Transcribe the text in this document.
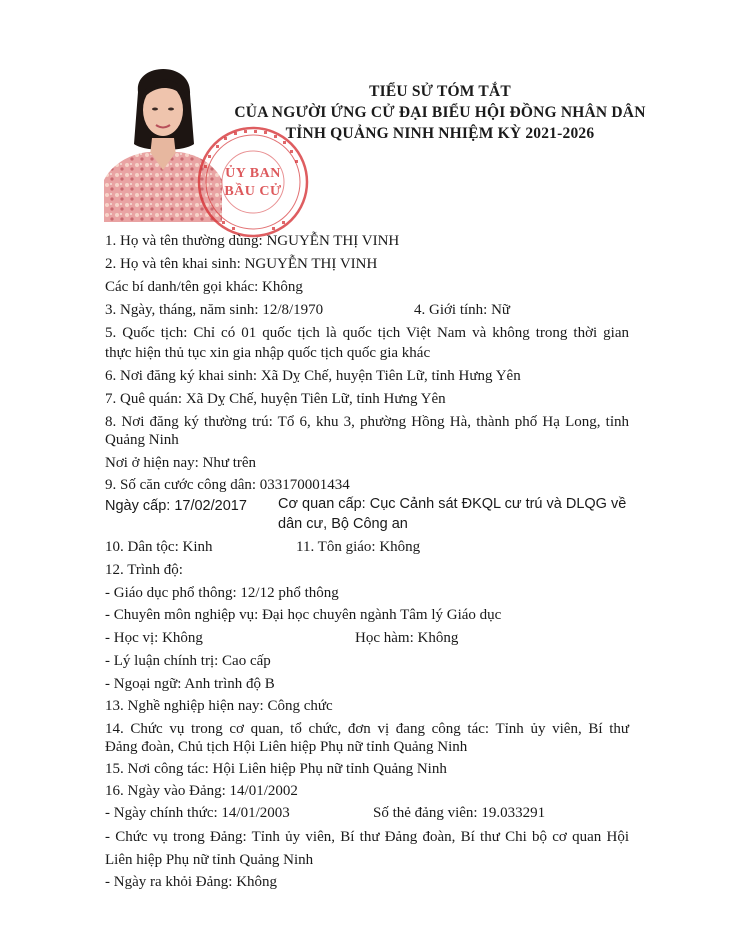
ỦY BAN
BẦU CỬ
TIỂU SỬ TÓM TẮT
CỦA NGƯỜI ỨNG CỬ ĐẠI BIỂU HỘI ĐỒNG NHÂN DÂN
TỈNH QUẢNG NINH NHIỆM KỲ 2021-2026
1. Họ và tên thường dùng: NGUYỄN THỊ VINH
2. Họ và tên khai sinh: NGUYỄN THỊ VINH
Các bí danh/tên gọi khác: Không
3. Ngày, tháng, năm sinh: 12/8/1970	4. Giới tính: Nữ
5. Quốc tịch: Chỉ có 01 quốc tịch là quốc tịch Việt Nam và không trong thời gian
thực hiện thủ tục xin gia nhập quốc tịch quốc gia khác
6. Nơi đăng ký khai sinh: Xã Dỵ Chế, huyện Tiên Lữ, tỉnh Hưng Yên
7. Quê quán: Xã Dỵ Chế, huyện Tiên Lữ, tỉnh Hưng Yên
8. Nơi đăng ký thường trú: Tổ 6, khu 3, phường Hồng Hà, thành phố Hạ Long, tỉnh
Quảng Ninh
Nơi ở hiện nay: Như trên
9. Số căn cước công dân: 033170001434
Ngày cấp: 17/02/2017 Cơ quan cấp: Cục Cảnh sát ĐKQL cư trú và DLQG về
dân cư, Bộ Công an
10. Dân tộc: Kinh	11. Tôn giáo: Không
12. Trình độ:
- Giáo dục phổ thông: 12/12 phổ thông
- Chuyên môn nghiệp vụ: Đại học chuyên ngành Tâm lý Giáo dục
- Học vị: Không	Học hàm: Không
- Lý luận chính trị: Cao cấp
- Ngoại ngữ: Anh trình độ B
13. Nghề nghiệp hiện nay: Công chức
14. Chức vụ trong cơ quan, tổ chức, đơn vị đang công tác: Tỉnh ủy viên, Bí thư
Đảng đoàn, Chủ tịch Hội Liên hiệp Phụ nữ tỉnh Quảng Ninh
15. Nơi công tác: Hội Liên hiệp Phụ nữ tỉnh Quảng Ninh
16. Ngày vào Đảng: 14/01/2002
- Ngày chính thức: 14/01/2003	Số thẻ đảng viên: 19.033291
- Chức vụ trong Đảng: Tỉnh ủy viên, Bí thư Đảng đoàn, Bí thư Chi bộ cơ quan Hội
Liên hiệp Phụ nữ tỉnh Quảng Ninh
- Ngày ra khỏi Đảng: Không
